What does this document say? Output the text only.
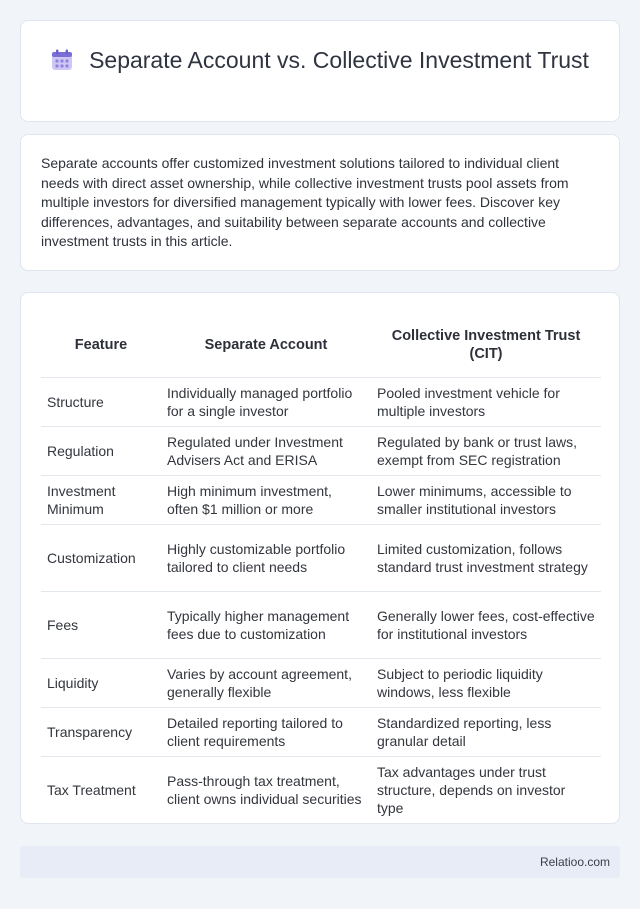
Separate Account vs. Collective Investment Trust

Separate accounts offer customized investment solutions tailored to individual client needs with direct asset ownership, while collective investment trusts pool assets from multiple investors for diversified management typically with lower fees. Discover key differences, advantages, and suitability between separate accounts and collective investment trusts in this article.

Feature	Separate Account	Collective Investment Trust (CIT)
Structure	Individually managed portfolio for a single investor	Pooled investment vehicle for multiple investors
Regulation	Regulated under Investment Advisers Act and ERISA	Regulated by bank or trust laws, exempt from SEC registration
Investment Minimum	High minimum investment, often $1 million or more	Lower minimums, accessible to smaller institutional investors
Customization	Highly customizable portfolio tailored to client needs	Limited customization, follows standard trust investment strategy
Fees	Typically higher management fees due to customization	Generally lower fees, cost-effective for institutional investors
Liquidity	Varies by account agreement, generally flexible	Subject to periodic liquidity windows, less flexible
Transparency	Detailed reporting tailored to client requirements	Standardized reporting, less granular detail
Tax Treatment	Pass-through tax treatment, client owns individual securities	Tax advantages under trust structure, depends on investor type
Relatioo.com
